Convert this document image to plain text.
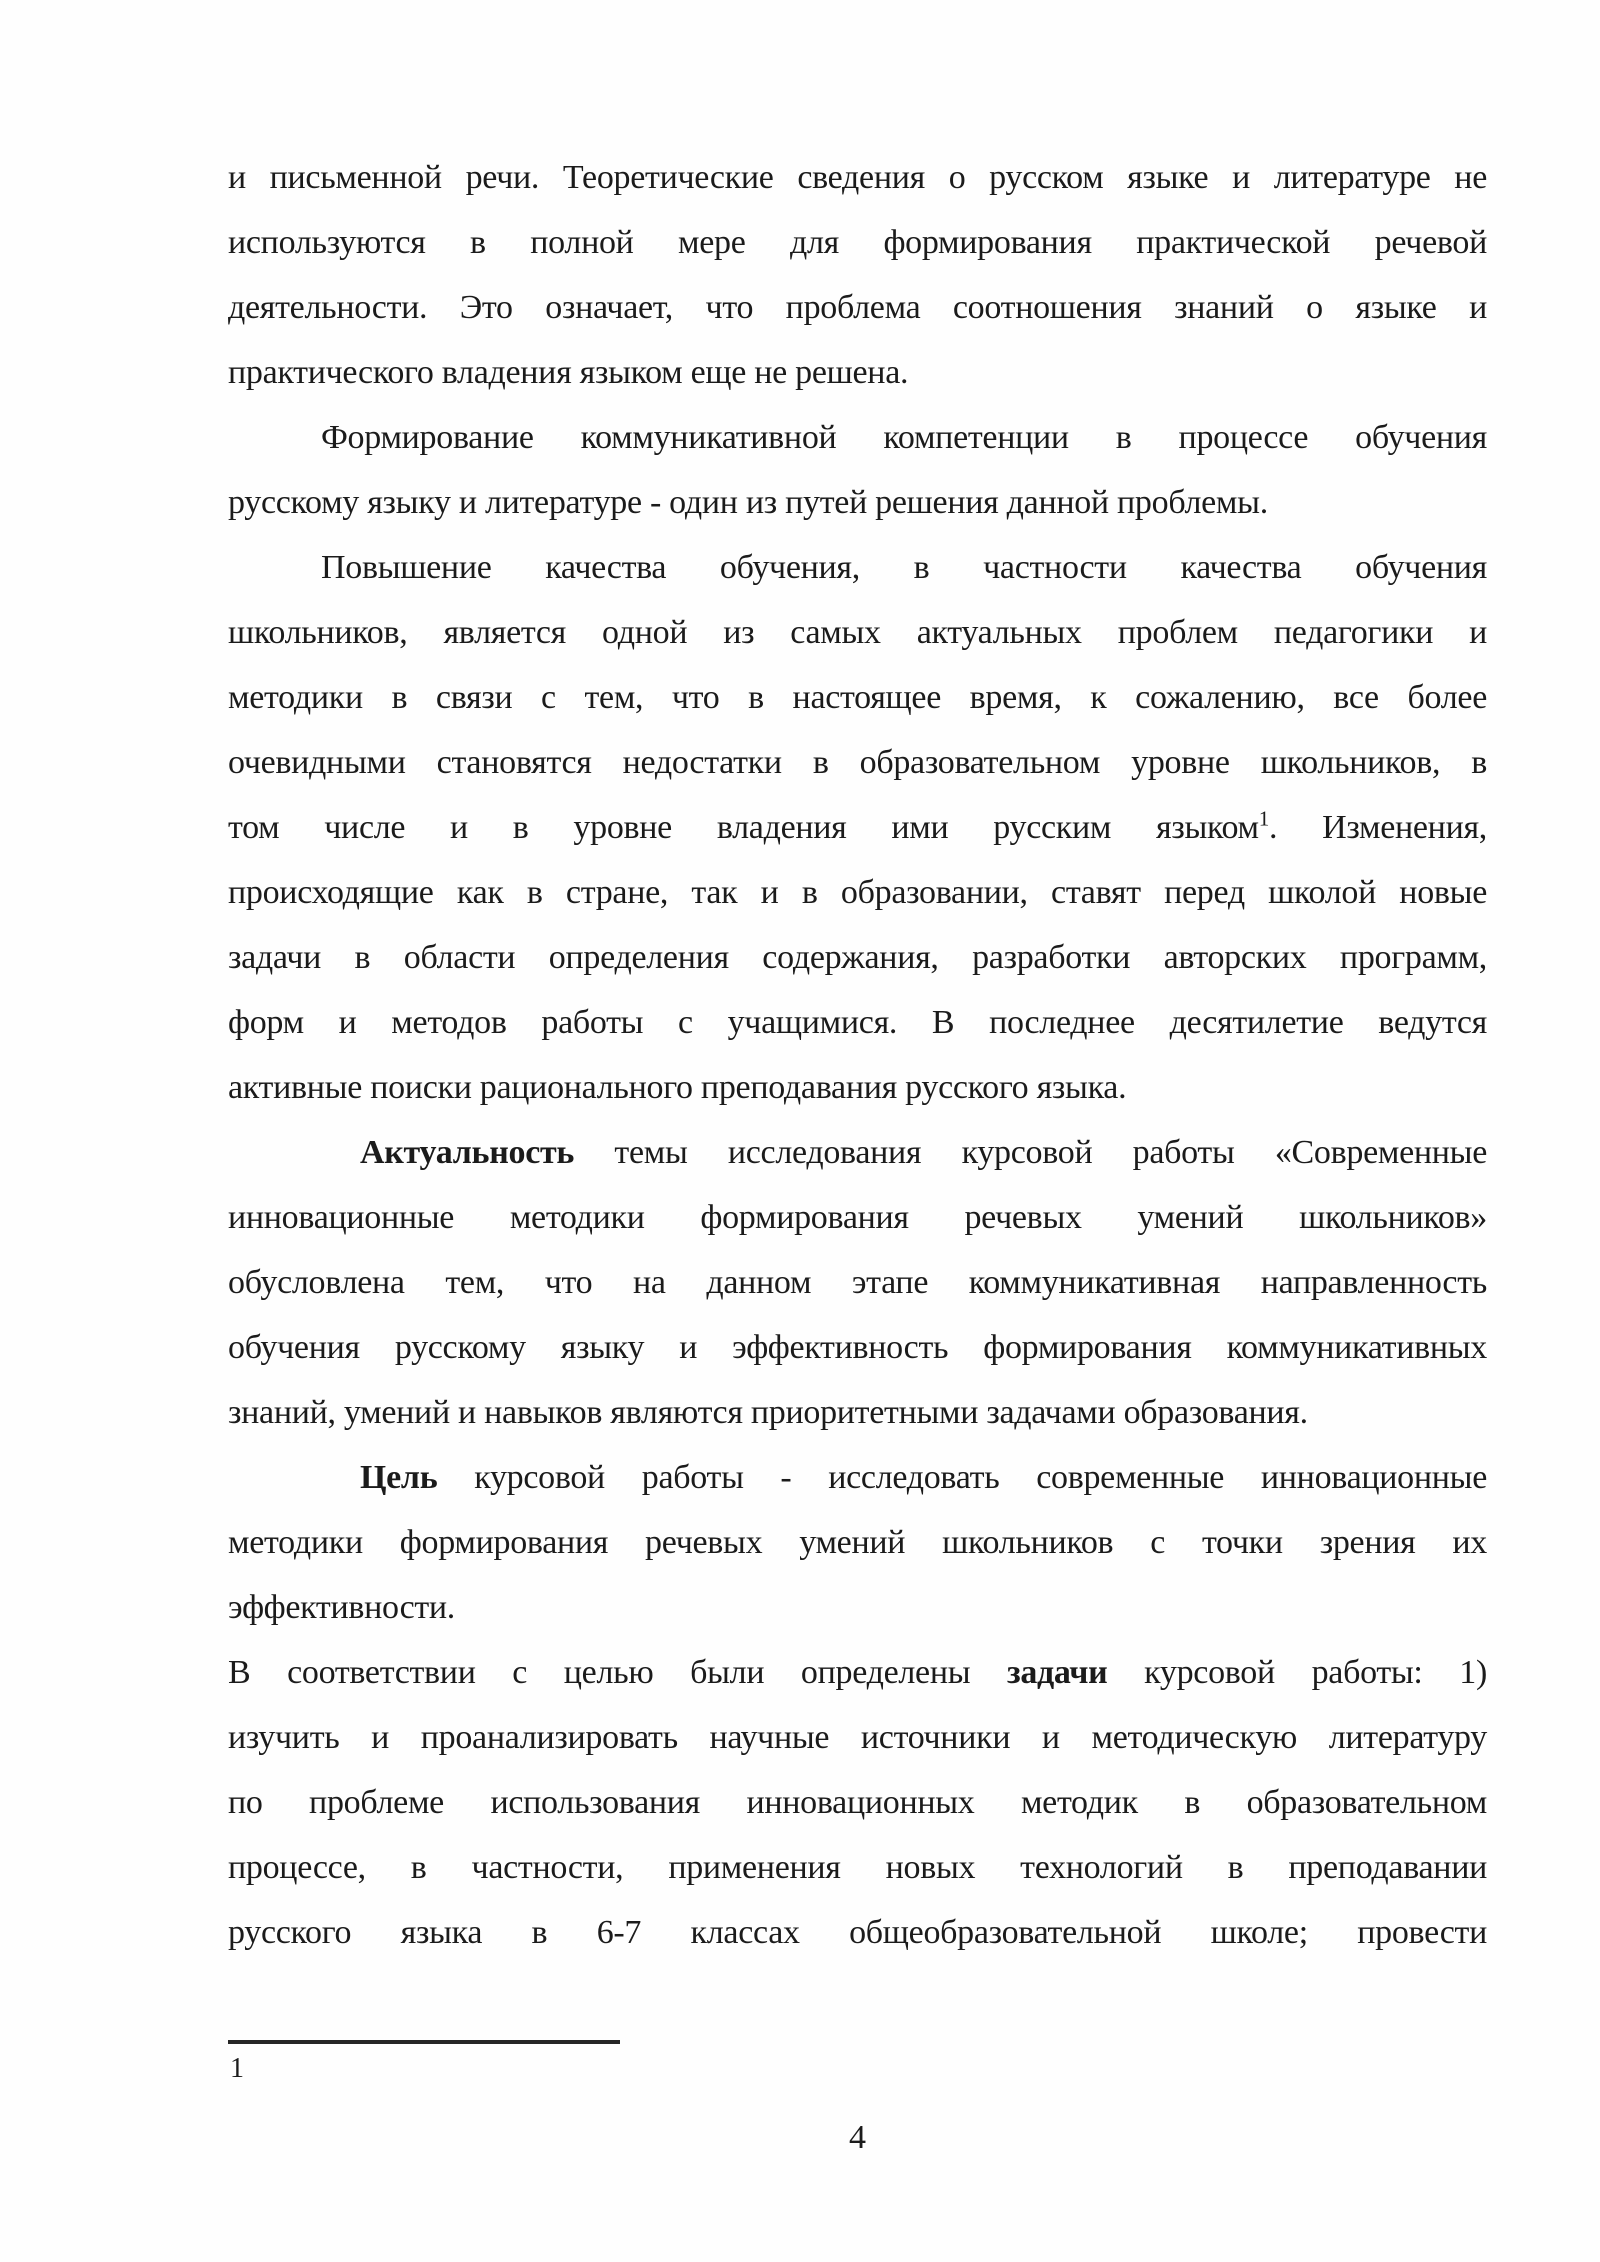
и письменной речи. Теоретические сведения о русском языке и литературе не
используются в полной мере для формирования практической речевой
деятельности. Это означает, что проблема соотношения знаний о языке и
практического владения языком еще не решена.
Формирование коммуникативной компетенции в процессе обучения
русскому языку и литературе - один из путей решения данной проблемы.
Повышение качества обучения, в частности качества обучения
школьников, является одной из самых актуальных проблем педагогики и
методики в связи с тем, что в настоящее время, к сожалению, все более
очевидными становятся недостатки в образовательном уровне школьников, в
том числе и в уровне владения ими русским языком$^1$. Изменения,
происходящие как в стране, так и в образовании, ставят перед школой новые
задачи в области определения содержания, разработки авторских программ,
форм и методов работы с учащимися. В последнее десятилетие ведутся
активные поиски рационального преподавания русского языка.
Актуальность темы исследования курсовой работы «Современные
инновационные методики формирования речевых умений школьников»
обусловлена тем, что на данном этапе коммуникативная направленность
обучения русскому языку и эффективность формирования коммуникативных
знаний, умений и навыков являются приоритетными задачами образования.
Цель курсовой работы - исследовать современные инновационные
методики формирования речевых умений школьников с точки зрения их
эффективности.
В соответствии с целью были определены задачи курсовой работы: 1)
изучить и проанализировать научные источники и методическую литературу
по проблеме использования инновационных методик в образовательном
процессе, в частности, применения новых технологий в преподавании
русского языка в 6-7 классах общеобразовательной школе; провести
1
4
